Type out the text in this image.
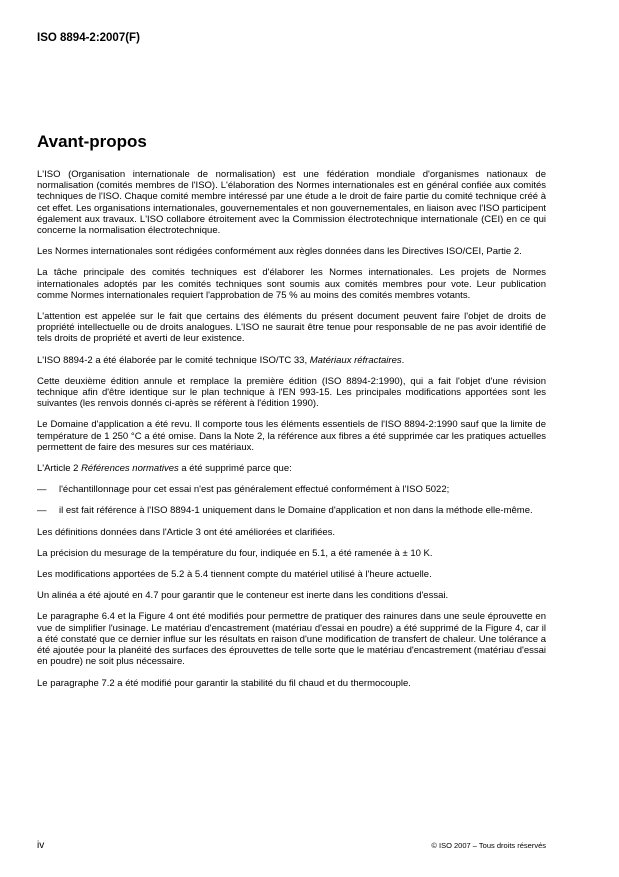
ISO 8894-2:2007(F)
Avant-propos

L'ISO (Organisation internationale de normalisation) est une fédération mondiale d'organismes nationaux de normalisation (comités membres de l'ISO). L'élaboration des Normes internationales est en général confiée aux comités techniques de l'ISO. Chaque comité membre intéressé par une étude a le droit de faire partie du comité technique créé à cet effet. Les organisations internationales, gouvernementales et non gouvernementales, en liaison avec l'ISO participent également aux travaux. L'ISO collabore étroitement avec la Commission électrotechnique internationale (CEI) en ce qui concerne la normalisation électrotechnique.

Les Normes internationales sont rédigées conformément aux règles données dans les Directives ISO/CEI, Partie 2.

La tâche principale des comités techniques est d'élaborer les Normes internationales. Les projets de Normes internationales adoptés par les comités techniques sont soumis aux comités membres pour vote. Leur publication comme Normes internationales requiert l'approbation de 75 % au moins des comités membres votants.

L'attention est appelée sur le fait que certains des éléments du présent document peuvent faire l'objet de droits de propriété intellectuelle ou de droits analogues. L'ISO ne saurait être tenue pour responsable de ne pas avoir identifié de tels droits de propriété et averti de leur existence.

L'ISO 8894-2 a été élaborée par le comité technique ISO/TC 33, Matériaux réfractaires.

Cette deuxième édition annule et remplace la première édition (ISO 8894-2:1990), qui a fait l'objet d'une révision technique afin d'être identique sur le plan technique à l'EN 993-15. Les principales modifications apportées sont les suivantes (les renvois donnés ci-après se réfèrent à l'édition 1990).

Le Domaine d'application a été revu. Il comporte tous les éléments essentiels de l'ISO 8894-2:1990 sauf que la limite de température de 1 250 °C a été omise. Dans la Note 2, la référence aux fibres a été supprimée car les pratiques actuelles permettent de faire des mesures sur ces matériaux.

L'Article 2 Références normatives a été supprimé parce que:

—	l'échantillonnage pour cet essai n'est pas généralement effectué conformément à l'ISO 5022;
—	il est fait référence à l'ISO 8894-1 uniquement dans le Domaine d'application et non dans la méthode elle-même.

Les définitions données dans l'Article 3 ont été améliorées et clarifiées.

La précision du mesurage de la température du four, indiquée en 5.1, a été ramenée à ± 10 K.

Les modifications apportées de 5.2 à 5.4 tiennent compte du matériel utilisé à l'heure actuelle.

Un alinéa a été ajouté en 4.7 pour garantir que le conteneur est inerte dans les conditions d'essai.

Le paragraphe 6.4 et la Figure 4 ont été modifiés pour permettre de pratiquer des rainures dans une seule éprouvette en vue de simplifier l'usinage. Le matériau d'encastrement (matériau d'essai en poudre) a été supprimé de la Figure 4, car il a été constaté que ce dernier influe sur les résultats en raison d'une modification de transfert de chaleur. Une tolérance a été ajoutée pour la planéité des surfaces des éprouvettes de telle sorte que le matériau d'encastrement (matériau d'essai en poudre) ne soit plus nécessaire.

Le paragraphe 7.2 a été modifié pour garantir la stabilité du fil chaud et du thermocouple.

iv	© ISO 2007 – Tous droits réservés
